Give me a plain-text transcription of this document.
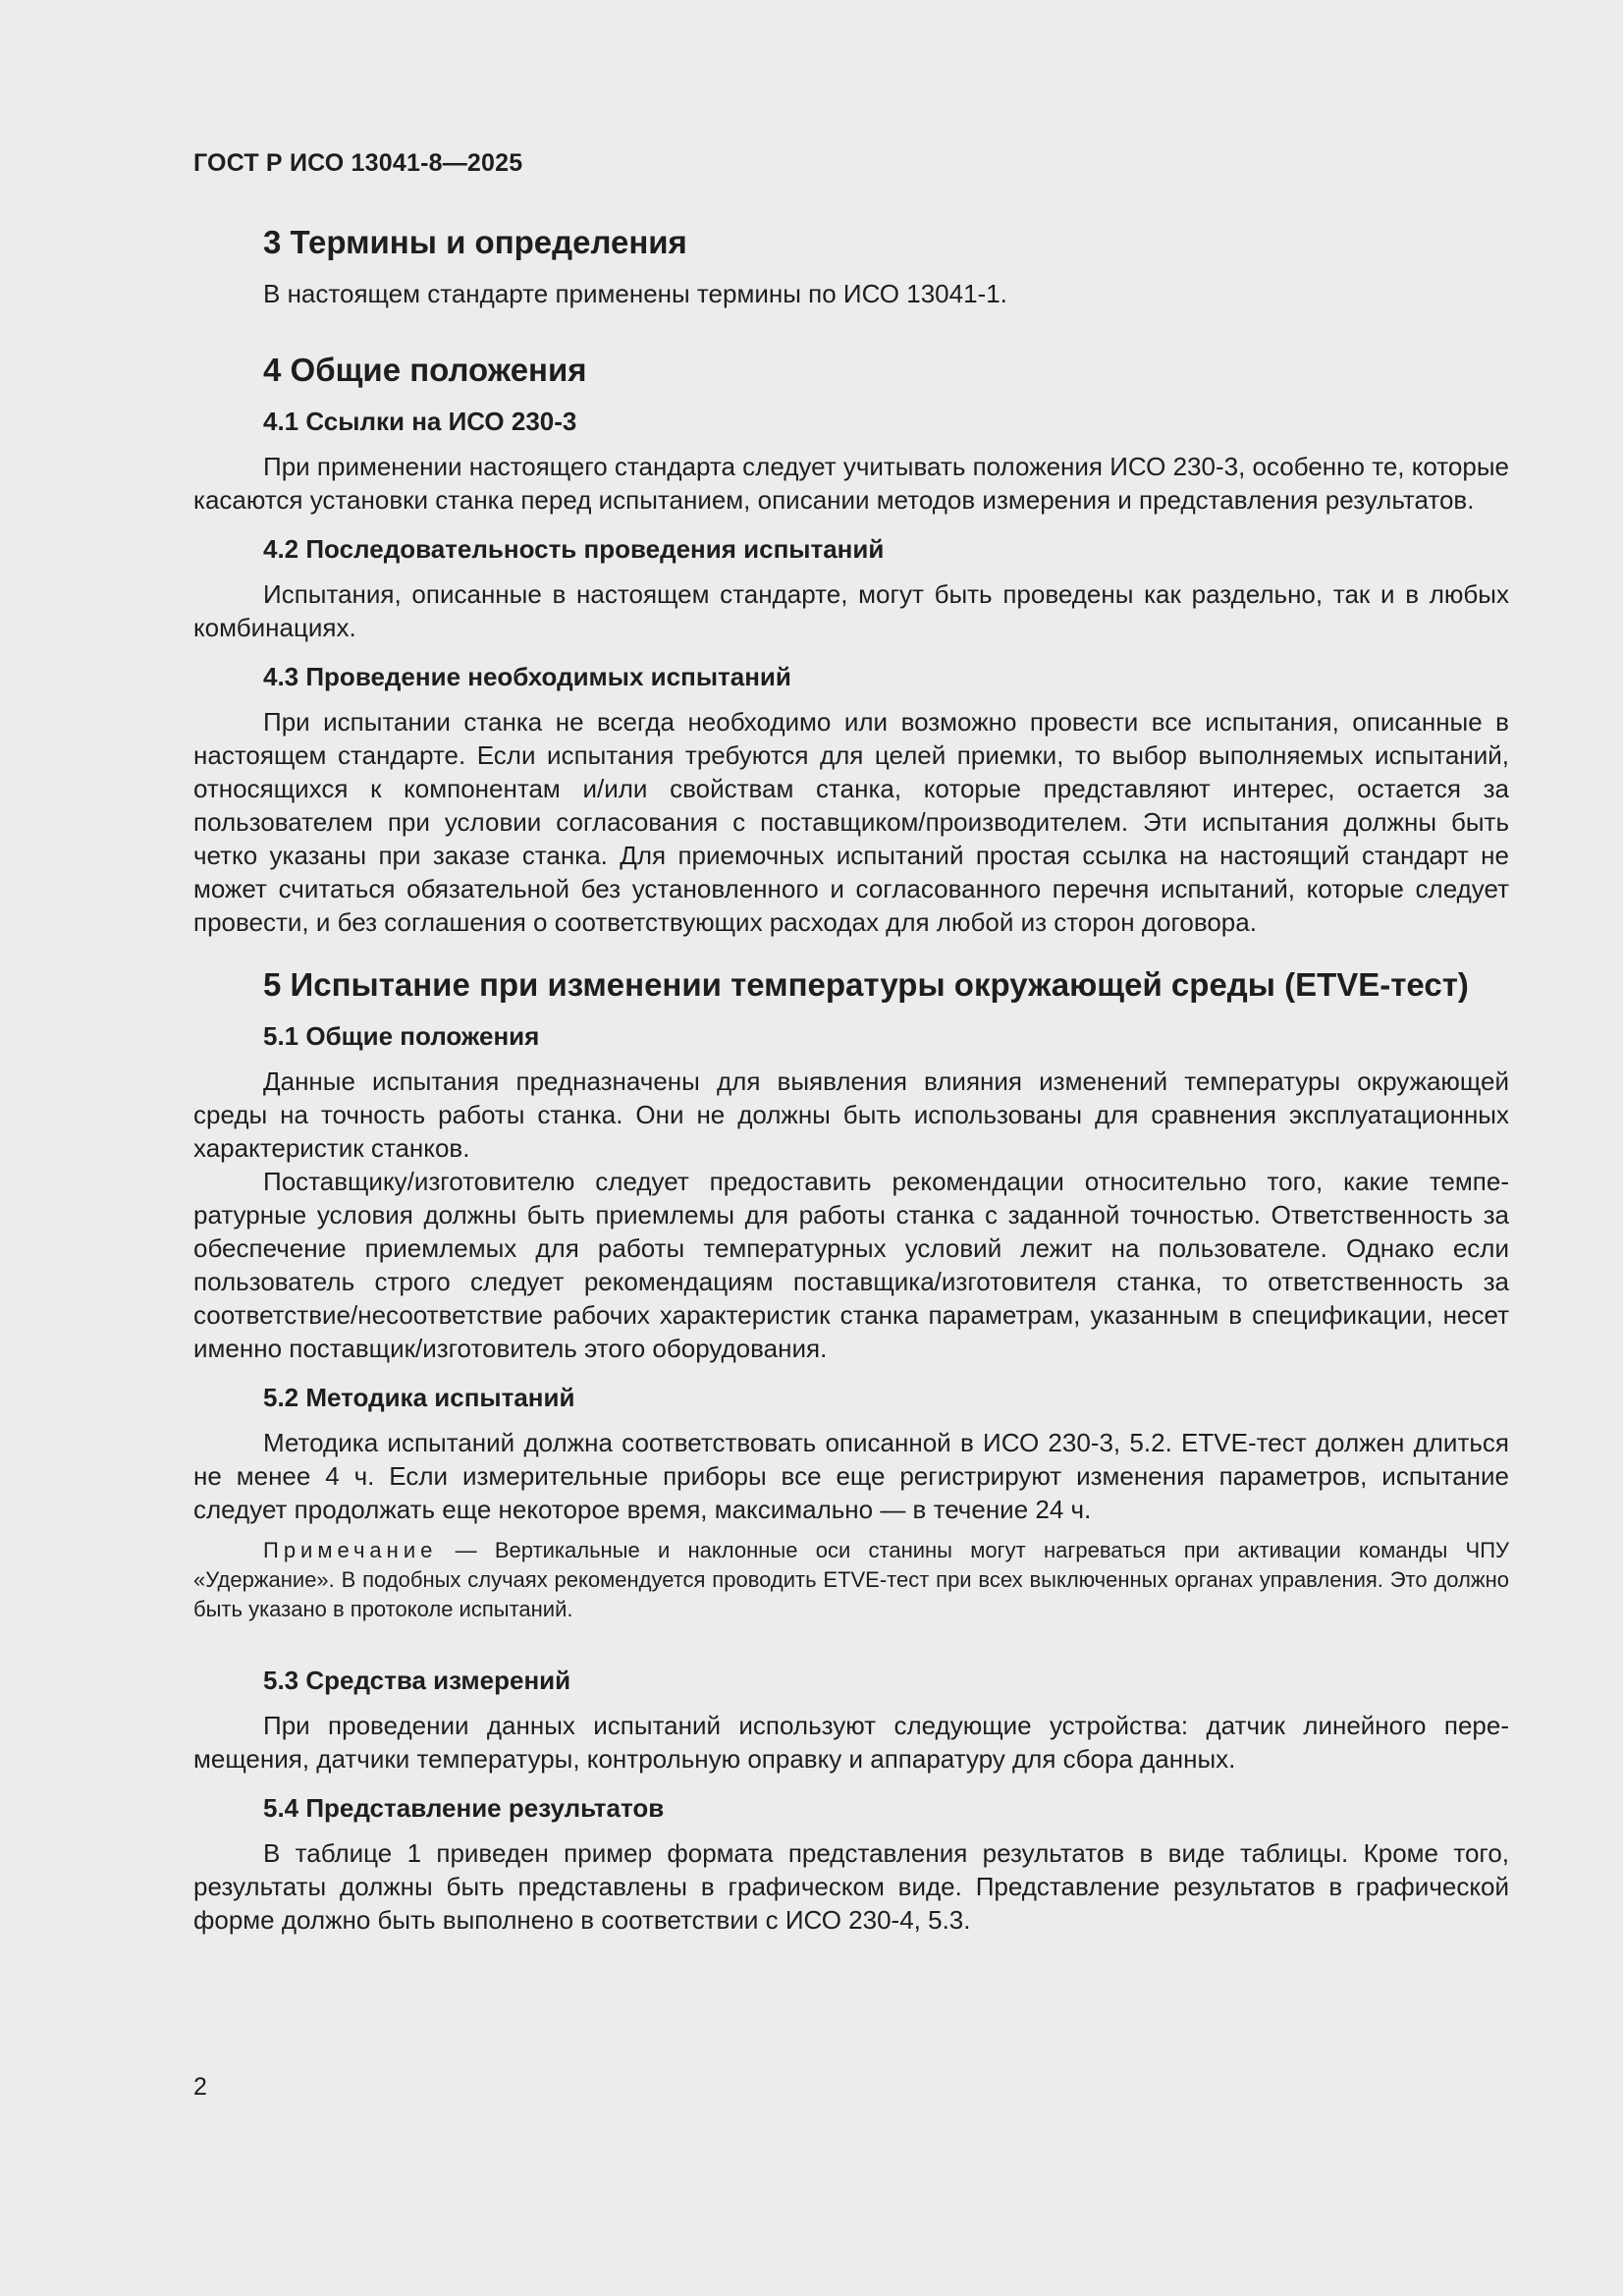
ГОСТ Р ИСО 13041-8—2025
3 Термины и определения

В настоящем стандарте применены термины по ИСО 13041-1.

4 Общие положения
4.1 Ссылки на ИСО 230-3

При применении настоящего стандарта следует учитывать положения ИСО 230-3, особенно те, которые касаются установки станка перед испытанием, описании методов измерения и представления результатов.

4.2 Последовательность проведения испытаний

Испытания, описанные в настоящем стандарте, могут быть проведены как раздельно, так и в любых комбинациях.

4.3 Проведение необходимых испытаний

При испытании станка не всегда необходимо или возможно провести все испытания, описанные в настоящем стандарте. Если испытания требуются для целей приемки, то выбор выполняемых испытаний, относящихся к компонентам и/или свойствам станка, которые представляют интерес, остается за пользователем при условии согласования с поставщиком/производителем. Эти испытания должны быть четко указаны при заказе станка. Для приемочных испытаний простая ссылка на настоящий стандарт не может считаться обязательной без установленного и согласованного перечня испытаний, которые следует провести, и без соглашения о соответствующих расходах для любой из сторон договора.

5 Испытание при изменении температуры окружающей среды (ETVE-тест)
5.1 Общие положения

Данные испытания предназначены для выявления влияния изменений температуры окружающей среды на точность работы станка. Они не должны быть использованы для сравнения эксплуатационных характеристик станков.

Поставщику/изготовителю следует предоставить рекомендации относительно того, какие температурные условия должны быть приемлемы для работы станка с заданной точностью. Ответственность за обеспечение приемлемых для работы температурных условий лежит на пользователе. Однако если пользователь строго следует рекомендациям поставщика/изготовителя станка, то ответственность за соответствие/несоответствие рабочих характеристик станка параметрам, указанным в спецификации, несет именно поставщик/изготовитель этого оборудования.

5.2 Методика испытаний

Методика испытаний должна соответствовать описанной в ИСО 230-3, 5.2. ETVE-тест должен длиться не менее 4 ч. Если измерительные приборы все еще регистрируют изменения параметров, испытание следует продолжать еще некоторое время, максимально — в течение 24 ч.

Примечание — Вертикальные и наклонные оси станины могут нагреваться при активации команды ЧПУ «Удержание». В подобных случаях рекомендуется проводить ETVE-тест при всех выключенных органах управления. Это должно быть указано в протоколе испытаний.

5.3 Средства измерений

При проведении данных испытаний используют следующие устройства: датчик линейного перемещения, датчики температуры, контрольную оправку и аппаратуру для сбора данных.

5.4 Представление результатов

В таблице 1 приведен пример формата представления результатов в виде таблицы. Кроме того, результаты должны быть представлены в графическом виде. Представление результатов в графической форме должно быть выполнено в соответствии с ИСО 230-4, 5.3.

2
